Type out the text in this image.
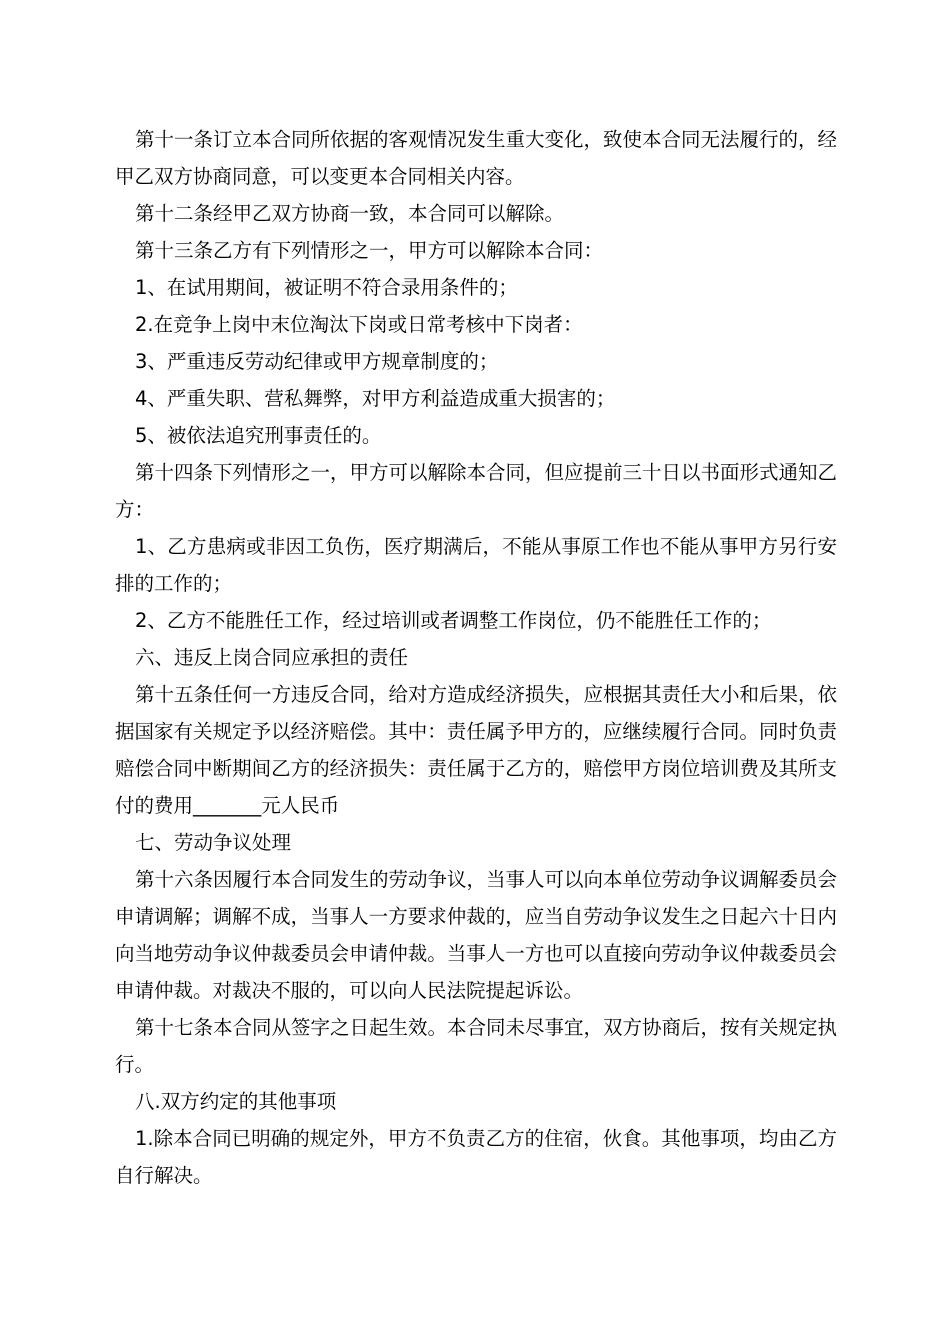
第十一条订立本合同所依据的客观情况发生重大变化，致使本合同无法履行的，经甲乙双方协商同意，可以变更本合同相关内容。

第十二条经甲乙双方协商一致，本合同可以解除。

第十三条乙方有下列情形之一，甲方可以解除本合同：

1、在试用期间，被证明不符合录用条件的；

2.在竞争上岗中末位淘汰下岗或日常考核中下岗者：

3、严重违反劳动纪律或甲方规章制度的；

4、严重失职、营私舞弊，对甲方利益造成重大损害的；

5、被依法追究刑事责任的。

第十四条下列情形之一，甲方可以解除本合同，但应提前三十日以书面形式通知乙方：

1、乙方患病或非因工负伤，医疗期满后，不能从事原工作也不能从事甲方另行安排的工作的；

2、乙方不能胜任工作，经过培训或者调整工作岗位，仍不能胜任工作的；

六、违反上岗合同应承担的责任

第十五条任何一方违反合同，给对方造成经济损失，应根据其责任大小和后果，依据国家有关规定予以经济赔偿。其中：责任属予甲方的，应继续履行合同。同时负责赔偿合同中断期间乙方的经济损失：责任属于乙方的，赔偿甲方岗位培训费及其所支付的费用_______元人民币

七、劳动争议处理

第十六条因履行本合同发生的劳动争议，当事人可以向本单位劳动争议调解委员会申请调解；调解不成，当事人一方要求仲裁的，应当自劳动争议发生之日起六十日内向当地劳动争议仲裁委员会申请仲裁。当事人一方也可以直接向劳动争议仲裁委员会申请仲裁。对裁决不服的，可以向人民法院提起诉讼。

第十七条本合同从签字之日起生效。本合同未尽事宜，双方协商后，按有关规定执行。

八.双方约定的其他事项

1.除本合同已明确的规定外，甲方不负责乙方的住宿，伙食。其他事项，均由乙方自行解决。
